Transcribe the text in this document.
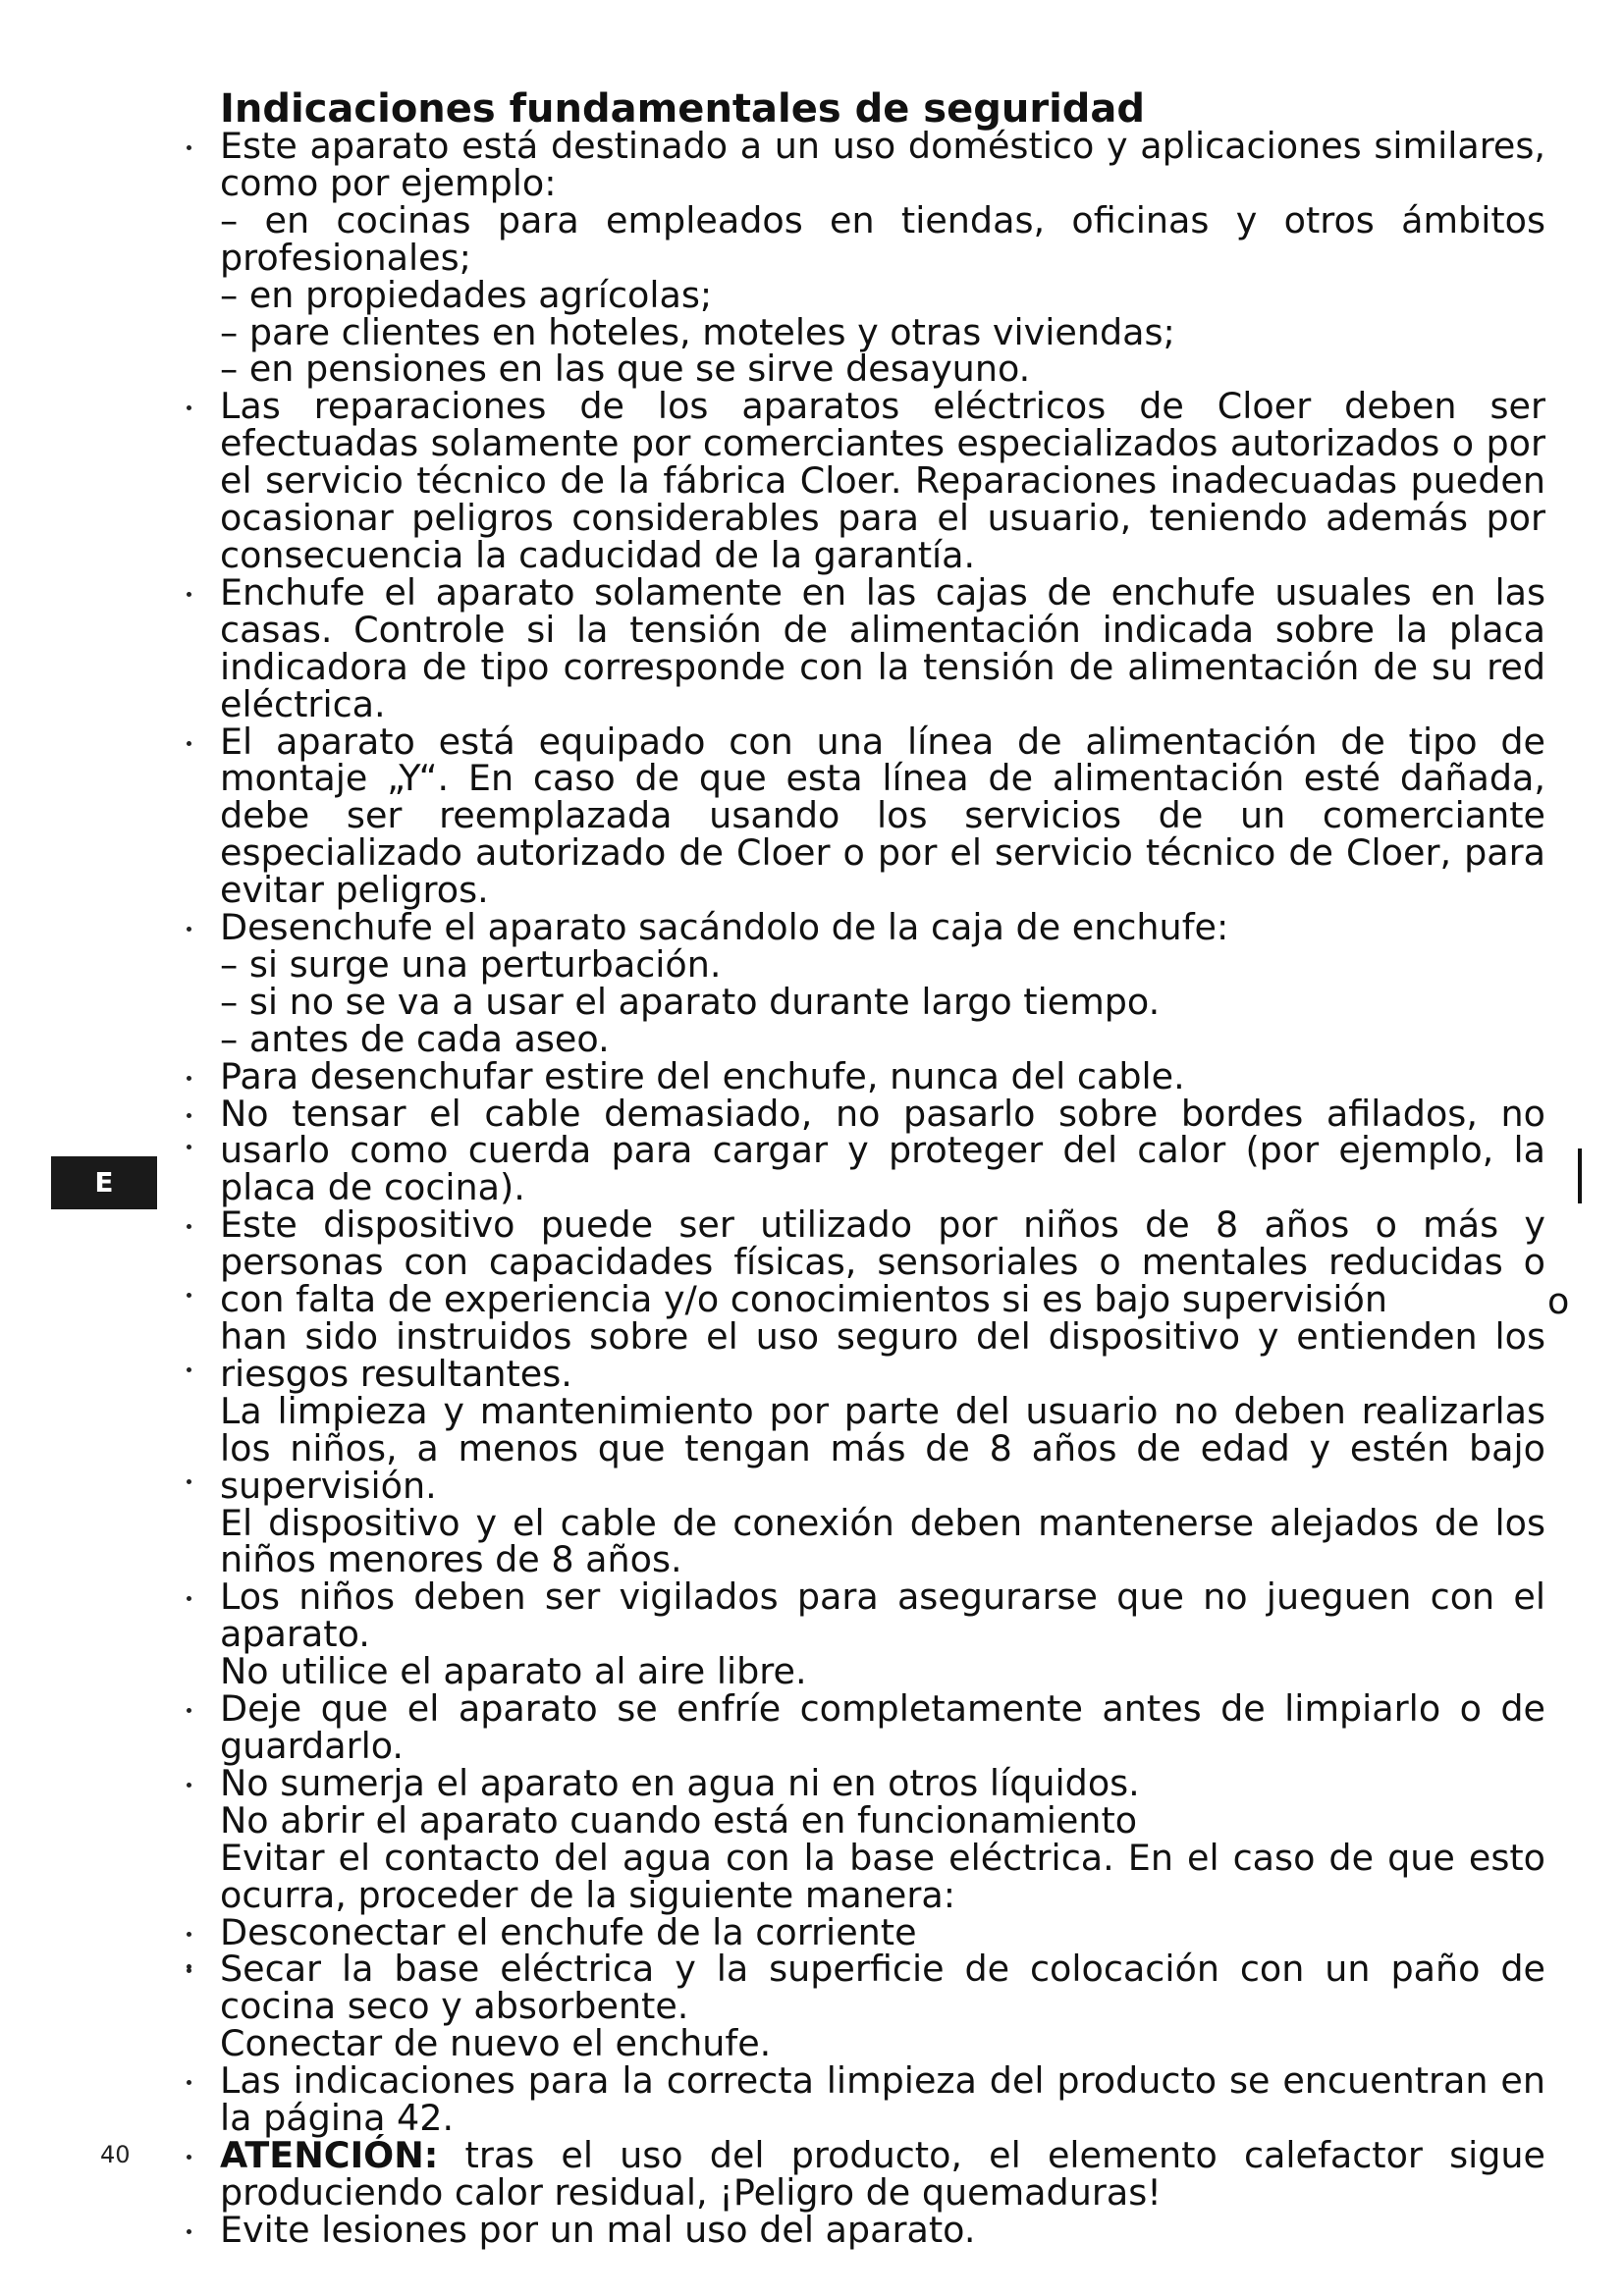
Indicaciones fundamentales de seguridad

Este aparato está destinado a un uso doméstico y aplicaciones similares, como por ejemplo:

– en cocinas para empleados en tiendas, oficinas y otros ámbitos profesionales;

– en propiedades agrícolas;

– pare clientes en hoteles, moteles y otras viviendas;

– en pensiones en las que se sirve desayuno.

Las reparaciones de los aparatos eléctricos de Cloer deben ser efectuadas solamente por comerciantes especializados autorizados o por el servicio técnico de la fábrica Cloer. Reparaciones inadecuadas pueden ocasionar peligros considerables para el usuario, teniendo además por consecuencia la caducidad de la garantía.

Enchufe el aparato solamente en las cajas de enchufe usuales en las casas. Controle si la tensión de alimentación indicada sobre la placa indicadora de tipo corresponde con la tensión de alimentación de su red eléctrica.

El aparato está equipado con una línea de alimentación de tipo de montaje „Y“. En caso de que esta línea de alimentación esté dañada, debe ser reemplazada usando los servicios de un comerciante especializado autorizado de Cloer o por el servicio técnico de Cloer, para evitar peligros.

Desenchufe el aparato sacándolo de la caja de enchufe:

– si surge una perturbación.

– si no se va a usar el aparato durante largo tiempo.

– antes de cada aseo.

Para desenchufar estire del enchufe, nunca del cable.

No tensar el cable demasiado, no pasarlo sobre bordes afilados, no usarlo como cuerda para cargar y proteger del calor (por ejemplo, la placa de cocina).

Este dispositivo puede ser utilizado por niños de 8 años o más y personas con capacidades físicas, sensoriales o mentales reducidas o con falta de experiencia y/o conocimientos si es bajo supervisión

han sido instruidos sobre el uso seguro del dispositivo y entienden los riesgos resultantes.

La limpieza y mantenimiento por parte del usuario no deben realizarlas los niños, a menos que tengan más de 8 años de edad y estén bajo supervisión.

El dispositivo y el cable de conexión deben mantenerse alejados de los niños menores de 8 años.

Los niños deben ser vigilados para asegurarse que no jueguen con el aparato.

No utilice el aparato al aire libre.

Deje que el aparato se enfríe completamente antes de limpiarlo o de guardarlo.

No sumerja el aparato en agua ni en otros líquidos.

No abrir el aparato cuando está en funcionamiento

Evitar el contacto del agua con la base eléctrica. En el caso de que esto ocurra, proceder de la siguiente manera:

Desconectar el enchufe de la corriente

Secar la base eléctrica y la superficie de colocación con un paño de cocina seco y absorbente.

Conectar de nuevo el enchufe.

Las indicaciones para la correcta limpieza del producto se encuentran en la página 42.

ATENCIÓN: tras el uso del producto, el elemento calefactor sigue produciendo calor residual, ¡Peligro de quemaduras!

Evite lesiones por un mal uso del aparato.

E
o
40
